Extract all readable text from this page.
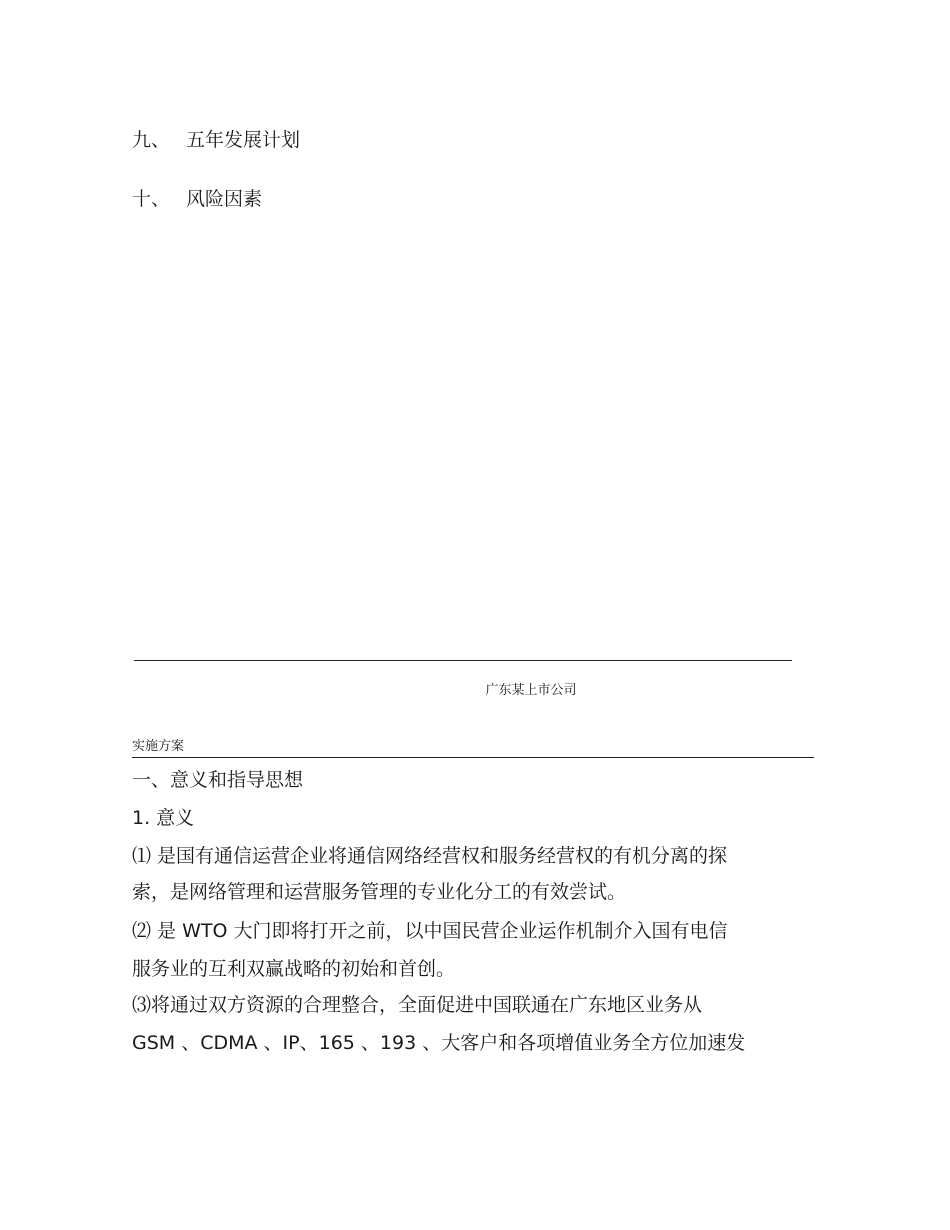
九、 五年发展计划
十、 风险因素
广东某上市公司
实施方案
一、意义和指导思想
1. 意义
⑴ 是国有通信运营企业将通信网络经营权和服务经营权的有机分离的探
索，是网络管理和运营服务管理的专业化分工的有效尝试。
⑵ 是 WTO 大门即将打开之前，以中国民营企业运作机制介入国有电信
服务业的互利双赢战略的初始和首创。
⑶将通过双方资源的合理整合，全面促进中国联通在广东地区业务从
GSM 、CDMA 、IP、165 、193 、大客户和各项增值业务全方位加速发
